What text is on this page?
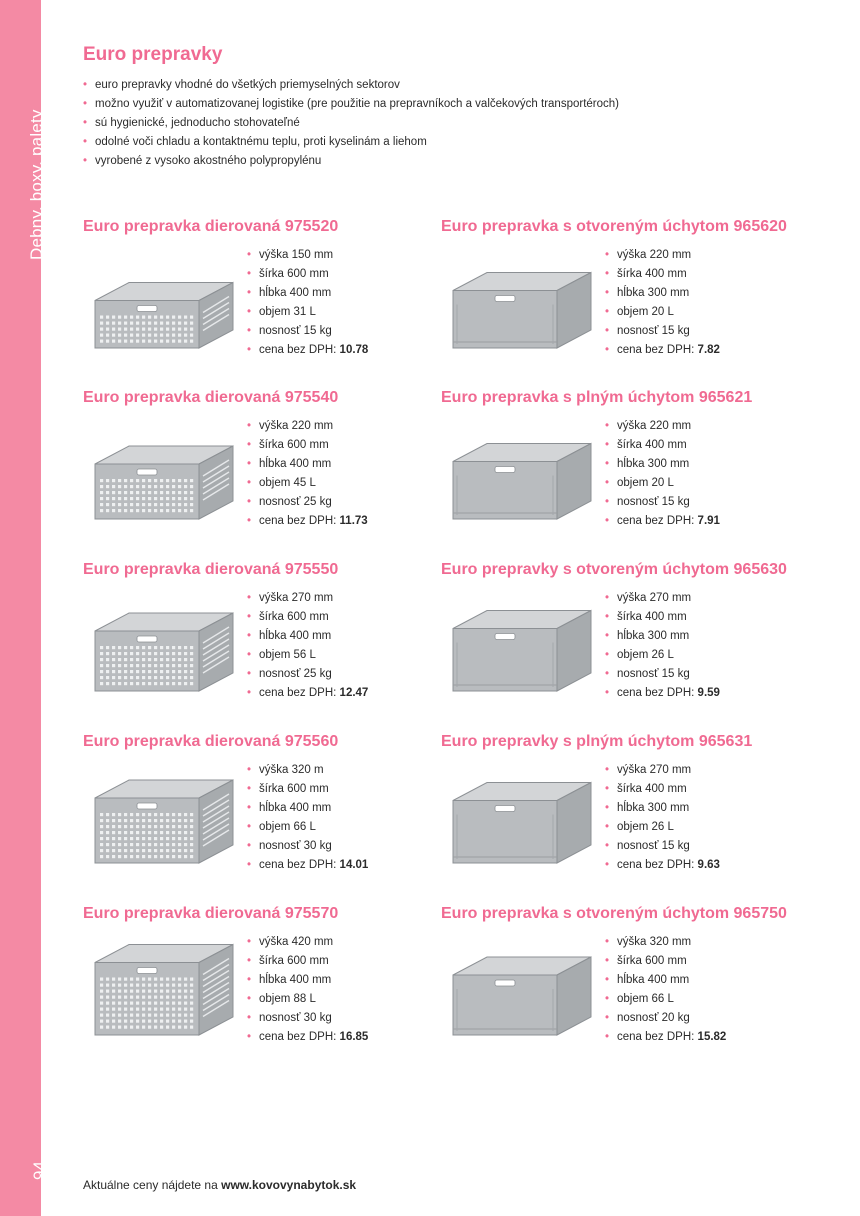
Debny, boxy, palety
94
Euro prepravky
• euro prepravky vhodné do všetkých priemyselných sektorov
• možno využiť v automatizovanej logistike (pre použitie na prepravníkoch a valčekových transportéroch)
• sú hygienické, jednoducho stohovateľné
• odolné voči chladu a kontaktnému teplu, proti kyselinám a liehom
• vyrobené z vysoko akostného polypropylénu
Euro prepravka dierovaná 975520
• výška 150 mm
• šírka 600 mm
• hĺbka 400 mm
• objem 31 L
• nosnosť 15 kg
• cena bez DPH: 10.78
Euro prepravka s otvoreným úchytom 965620
• výška 220 mm
• šírka 400 mm
• hĺbka 300 mm
• objem 20 L
• nosnosť 15 kg
• cena bez DPH: 7.82
Euro prepravka dierovaná 975540
• výška 220 mm
• šírka 600 mm
• hĺbka 400 mm
• objem 45 L
• nosnosť 25 kg
• cena bez DPH: 11.73
Euro prepravka s plným úchytom 965621
• výška 220 mm
• šírka 400 mm
• hĺbka 300 mm
• objem 20 L
• nosnosť 15 kg
• cena bez DPH: 7.91
Euro prepravka dierovaná 975550
• výška 270 mm
• šírka 600 mm
• hĺbka 400 mm
• objem 56 L
• nosnosť 25 kg
• cena bez DPH: 12.47
Euro prepravky s otvoreným úchytom 965630
• výška 270 mm
• šírka 400 mm
• hĺbka 300 mm
• objem 26 L
• nosnosť 15 kg
• cena bez DPH: 9.59
Euro prepravka dierovaná 975560
• výška 320 m
• šírka 600 mm
• hĺbka 400 mm
• objem 66 L
• nosnosť 30 kg
• cena bez DPH: 14.01
Euro prepravky s plným úchytom 965631
• výška 270 mm
• šírka 400 mm
• hĺbka 300 mm
• objem 26 L
• nosnosť 15 kg
• cena bez DPH: 9.63
Euro prepravka dierovaná 975570
• výška 420 mm
• šírka 600 mm
• hĺbka 400 mm
• objem 88 L
• nosnosť 30 kg
• cena bez DPH: 16.85
Euro prepravka s otvoreným úchytom 965750
• výška 320 mm
• šírka 600 mm
• hĺbka 400 mm
• objem 66 L
• nosnosť 20 kg
• cena bez DPH: 15.82
Aktuálne ceny nájdete na www.kovovynabytok.sk
